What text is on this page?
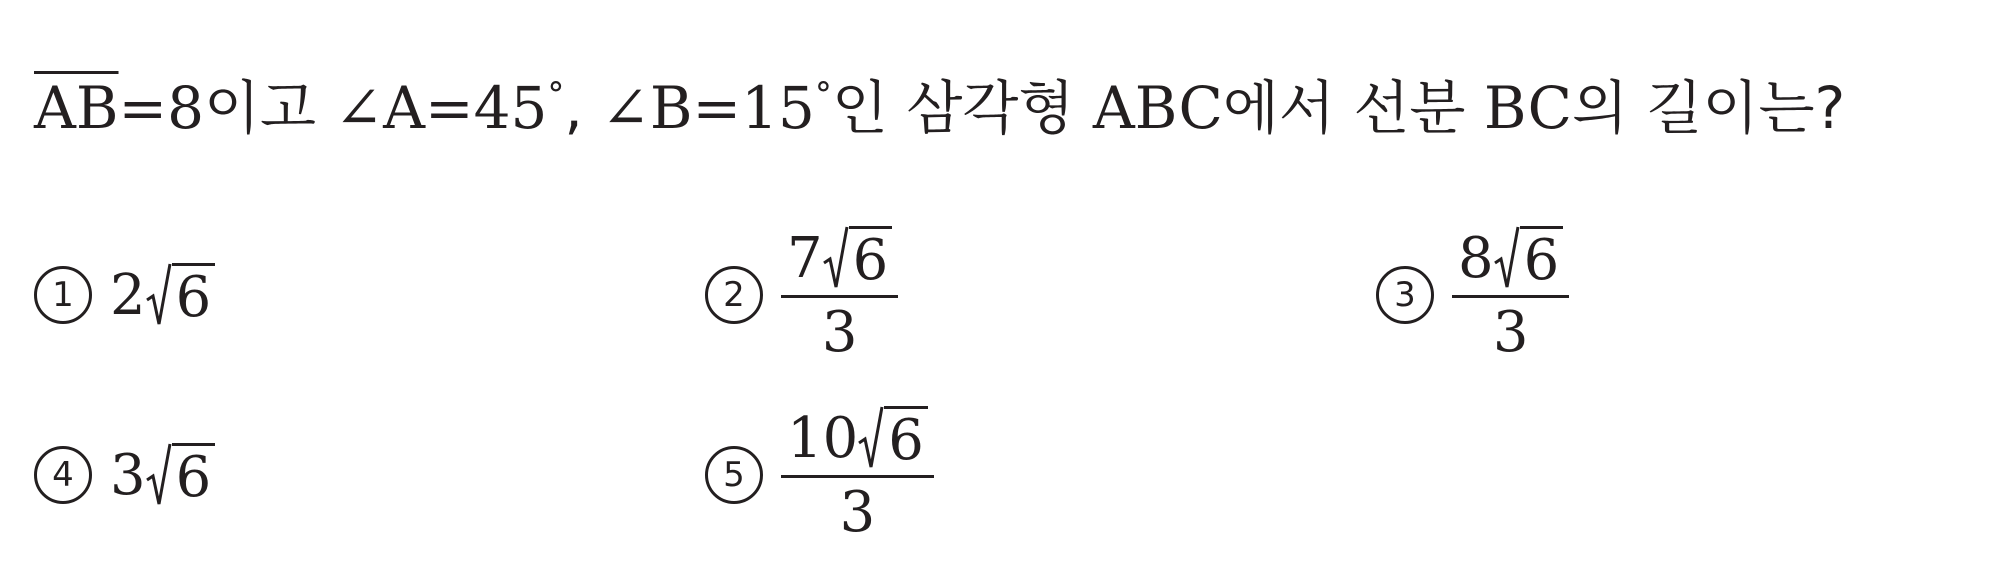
$\overline{AB}=8$이고 ∠A=45°, ∠B=15°인 삼각형 ABC에서 선분 BC의 길이는?
1 2 6	$2 \frac{7 6}{3}$	$3 \frac{8 6}{3}$
4 3 6	$5 \frac{10 6}{3}$
